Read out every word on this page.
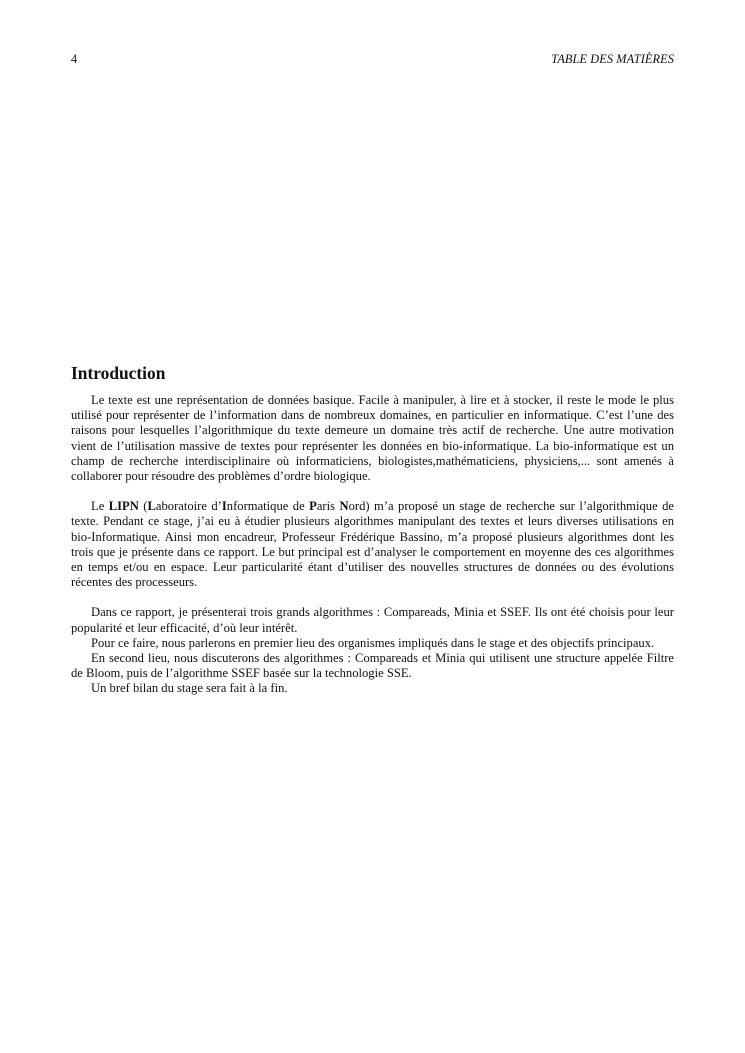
4	TABLE DES MATIÈRES
Introduction

Le texte est une représentation de données basique. Facile à manipuler, à lire et à stocker, il reste le mode le plus utilisé pour représenter de l’information dans de nombreux domaines, en particulier en informatique. C’est l’une des raisons pour lesquelles l’algorithmique du texte demeure un domaine très actif de recherche. Une autre motivation vient de l’utilisation massive de textes pour représenter les données en bio-informatique. La bio-informatique est un champ de recherche interdisciplinaire où informaticiens, biologistes,mathématiciens, physiciens,... sont amenés à collaborer pour résoudre des problèmes d’ordre biologique.

Le LIPN (Laboratoire d’Informatique de Paris Nord) m’a proposé un stage de recherche sur l’algorithmique de texte. Pendant ce stage, j’ai eu à étudier plusieurs algorithmes manipulant des textes et leurs diverses utilisations en bio-Informatique. Ainsi mon encadreur, Professeur Frédérique Bassino, m’a proposé plusieurs algorithmes dont les trois que je présente dans ce rapport. Le but principal est d’analyser le comportement en moyenne des ces algorithmes en temps et/ou en espace. Leur particularité étant d’utiliser des nouvelles structures de données ou des évolutions récentes des processeurs.

Dans ce rapport, je présenterai trois grands algorithmes : Compareads, Minia et SSEF. Ils ont été choisis pour leur popularité et leur efficacité, d’où leur intérêt.

Pour ce faire, nous parlerons en premier lieu des organismes impliqués dans le stage et des objectifs principaux.

En second lieu, nous discuterons des algorithmes : Compareads et Minia qui utilisent une structure appelée Filtre de Bloom, puis de l’algorithme SSEF basée sur la technologie SSE.

Un bref bilan du stage sera fait à la fin.
